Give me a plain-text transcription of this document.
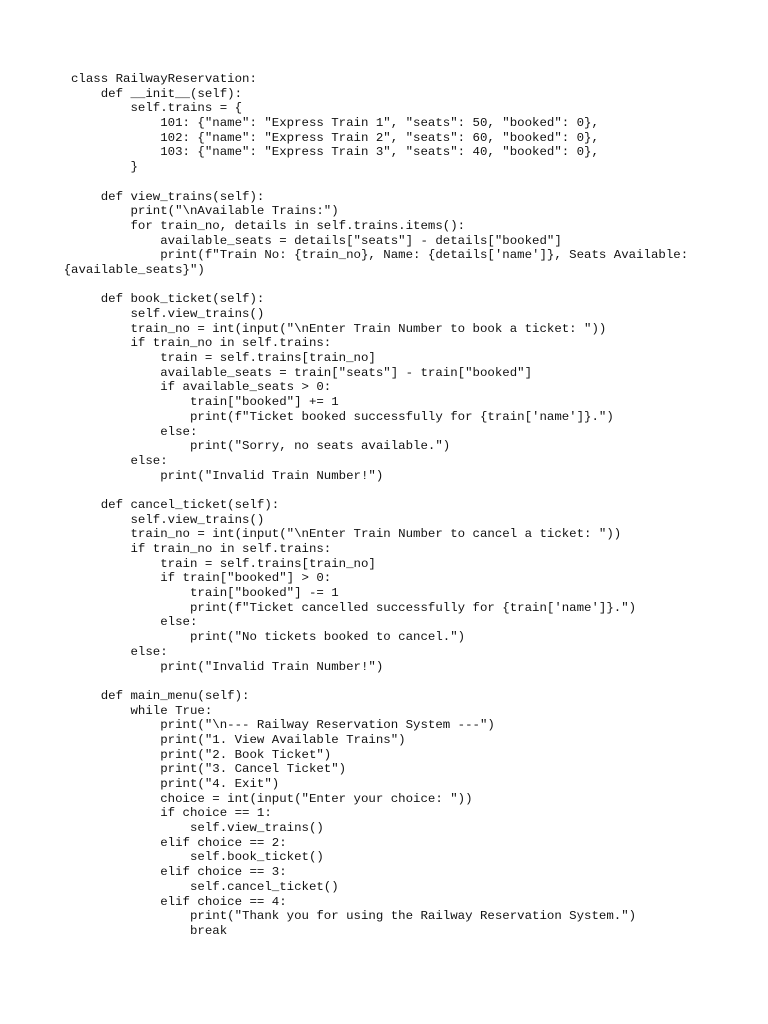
class RailwayReservation:
def __init__(self):
self.trains = {
101: {"name": "Express Train 1", "seats": 50, "booked": 0},
102: {"name": "Express Train 2", "seats": 60, "booked": 0},
103: {"name": "Express Train 3", "seats": 40, "booked": 0},
}
def view_trains(self):
print("\nAvailable Trains:")
for train_no, details in self.trains.items():
available_seats = details["seats"] - details["booked"]
print(f"Train No: {train_no}, Name: {details['name']}, Seats Available:
{available_seats}")
def book_ticket(self):
self.view_trains()
train_no = int(input("\nEnter Train Number to book a ticket: "))
if train_no in self.trains:
train = self.trains[train_no]
available_seats = train["seats"] - train["booked"]
if available_seats > 0:
train["booked"] += 1
print(f"Ticket booked successfully for {train['name']}.")
else:
print("Sorry, no seats available.")
else:
print("Invalid Train Number!")
def cancel_ticket(self):
self.view_trains()
train_no = int(input("\nEnter Train Number to cancel a ticket: "))
if train_no in self.trains:
train = self.trains[train_no]
if train["booked"] > 0:
train["booked"] -= 1
print(f"Ticket cancelled successfully for {train['name']}.")
else:
print("No tickets booked to cancel.")
else:
print("Invalid Train Number!")
def main_menu(self):
while True:
print("\n--- Railway Reservation System ---")
print("1. View Available Trains")
print("2. Book Ticket")
print("3. Cancel Ticket")
print("4. Exit")
choice = int(input("Enter your choice: "))
if choice == 1:
self.view_trains()
elif choice == 2:
self.book_ticket()
elif choice == 3:
self.cancel_ticket()
elif choice == 4:
print("Thank you for using the Railway Reservation System.")
break
